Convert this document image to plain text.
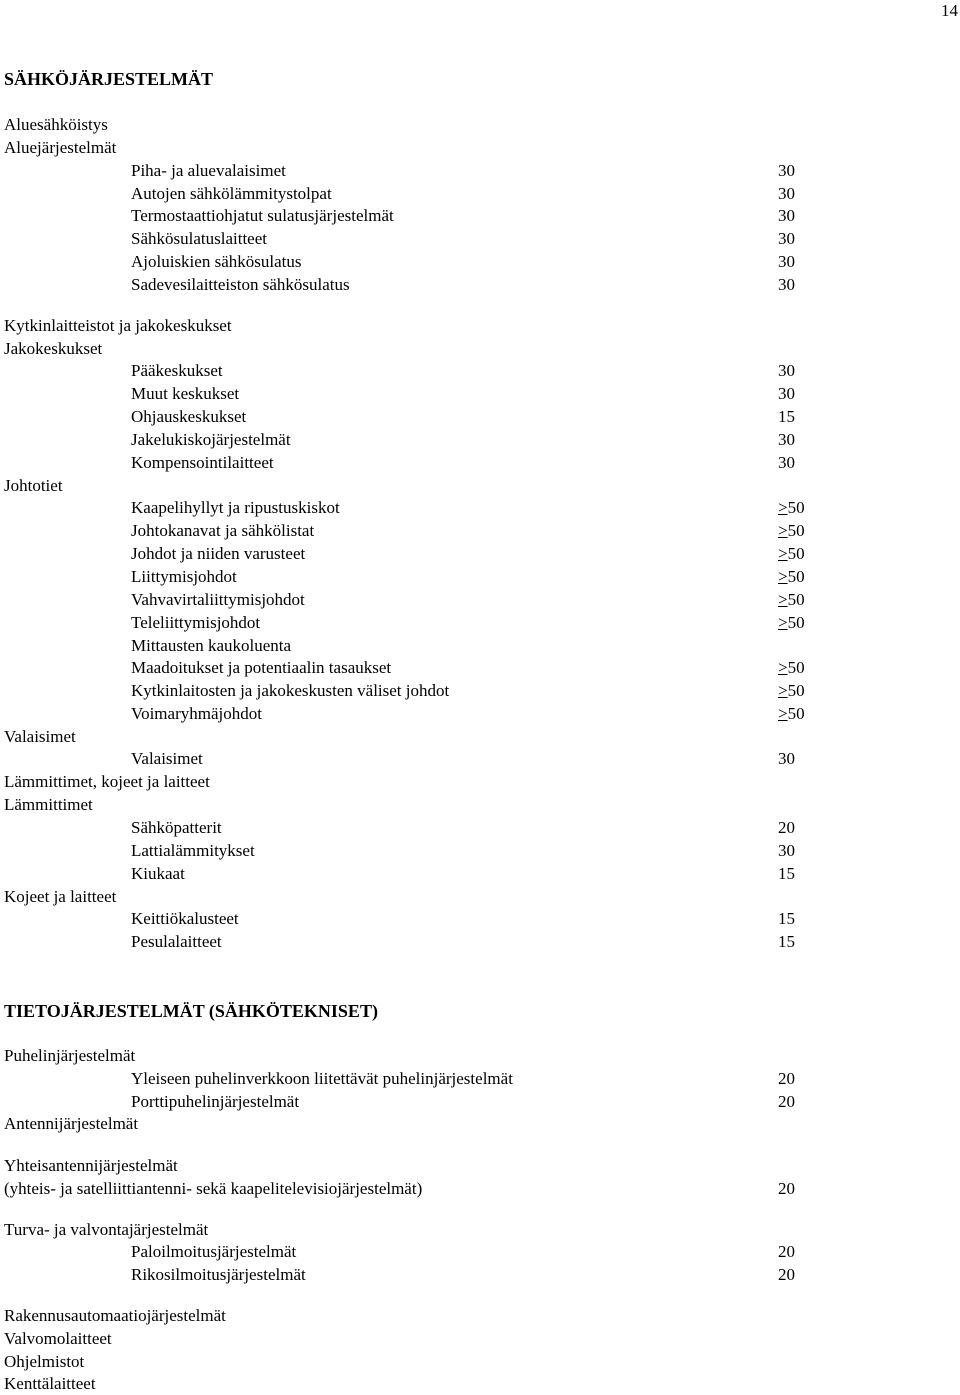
14
SÄHKÖJÄRJESTELMÄT
Aluesähköistys
Aluejärjestelmät
Piha- ja aluevalaisimet	30
Autojen sähkölämmitystolpat	30
Termostaattiohjatut sulatusjärjestelmät	30
Sähkösulatuslaitteet	30
Ajoluiskien sähkösulatus	30
Sadevesilaitteiston sähkösulatus	30
Kytkinlaitteistot ja jakokeskukset
Jakokeskukset
Pääkeskukset	30
Muut keskukset	30
Ohjauskeskukset	15
Jakelukiskojärjestelmät	30
Kompensointilaitteet	30
Johtotiet
Kaapelihyllyt ja ripustuskiskot	>50
Johtokanavat ja sähkölistat	>50
Johdot ja niiden varusteet	>50
Liittymisjohdot	>50
Vahvavirtaliittymisjohdot	>50
Teleliittymisjohdot	>50
Mittausten kaukoluenta
Maadoitukset ja potentiaalin tasaukset	>50
Kytkinlaitosten ja jakokeskusten väliset johdot	>50
Voimaryhmäjohdot	>50
Valaisimet
Valaisimet	30
Lämmittimet, kojeet ja laitteet
Lämmittimet
Sähköpatterit	20
Lattialämmitykset	30
Kiukaat	15
Kojeet ja laitteet
Keittiökalusteet	15
Pesulalaitteet	15
TIETOJÄRJESTELMÄT (SÄHKÖTEKNISET)
Puhelinjärjestelmät
Yleiseen puhelinverkkoon liitettävät puhelinjärjestelmät	20
Porttipuhelinjärjestelmät	20
Antennijärjestelmät
Yhteisantennijärjestelmät
(yhteis- ja satelliittiantenni- sekä kaapelitelevisiojärjestelmät)	20
Turva- ja valvontajärjestelmät
Paloilmoitusjärjestelmät	20
Rikosilmoitusjärjestelmät	20
Rakennusautomaatiojärjestelmät
Valvomolaitteet
Ohjelmistot
Kenttälaitteet
